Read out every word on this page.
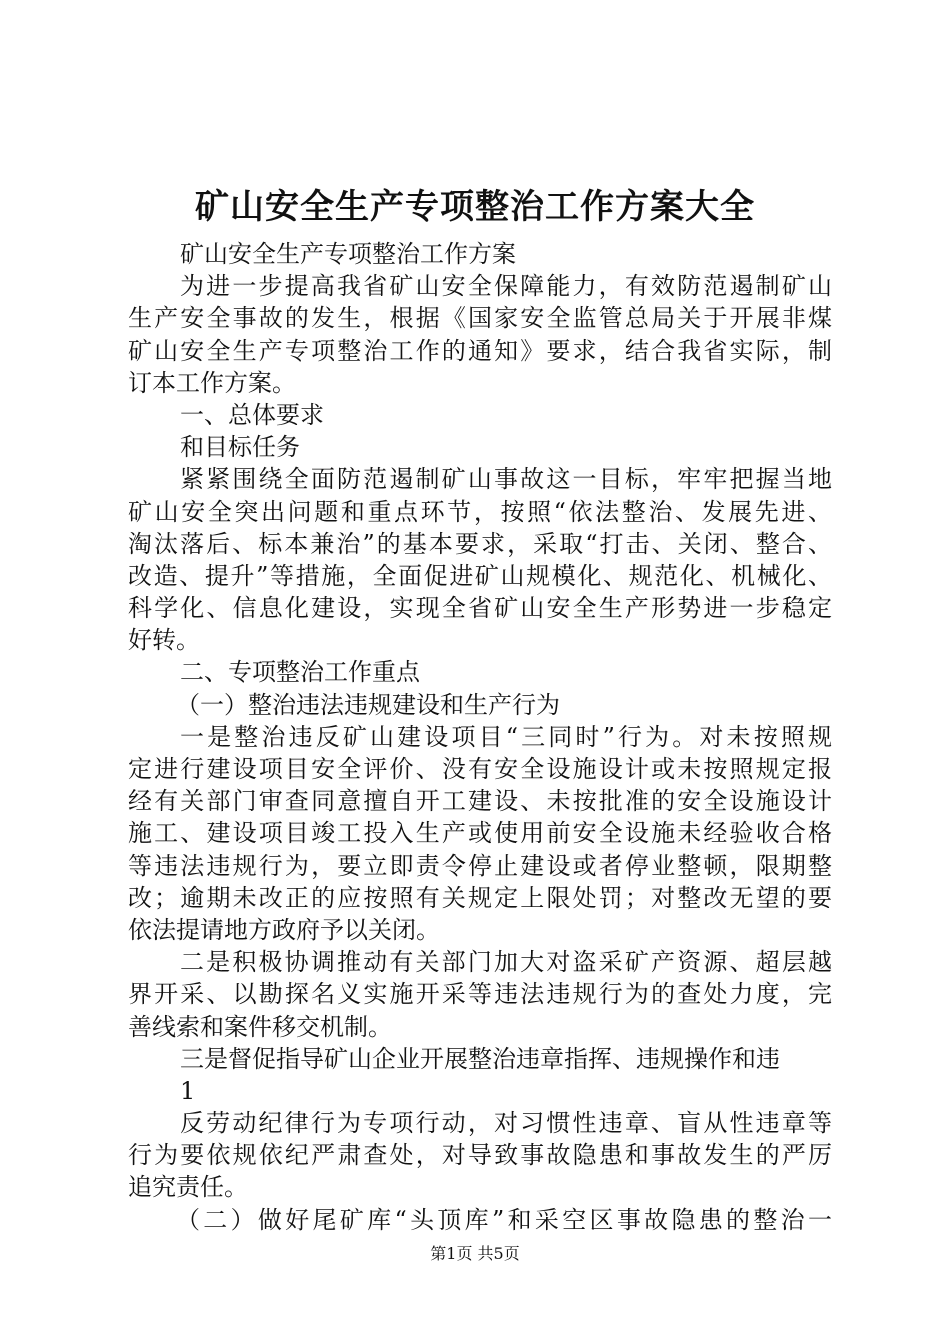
矿山安全生产专项整治工作方案大全
矿山安全生产专项整治工作方案
为进一步提高我省矿山安全保障能力，有效防范遏制矿山
生产安全事故的发生，根据《国家安全监管总局关于开展非煤
矿山安全生产专项整治工作的通知》要求，结合我省实际，制
订本工作方案。
一、总体要求
和目标任务
紧紧围绕全面防范遏制矿山事故这一目标，牢牢把握当地
矿山安全突出问题和重点环节，按照“依法整治、发展先进、
淘汰落后、标本兼治”的基本要求，采取“打击、关闭、整合、
改造、提升”等措施，全面促进矿山规模化、规范化、机械化、
科学化、信息化建设，实现全省矿山安全生产形势进一步稳定
好转。
二、专项整治工作重点
（一）整治违法违规建设和生产行为
一是整治违反矿山建设项目“三同时”行为。对未按照规
定进行建设项目安全评价、没有安全设施设计或未按照规定报
经有关部门审查同意擅自开工建设、未按批准的安全设施设计
施工、建设项目竣工投入生产或使用前安全设施未经验收合格
等违法违规行为，要立即责令停止建设或者停业整顿，限期整
改；逾期未改正的应按照有关规定上限处罚；对整改无望的要
依法提请地方政府予以关闭。
二是积极协调推动有关部门加大对盗采矿产资源、超层越
界开采、以勘探名义实施开采等违法违规行为的查处力度，完
善线索和案件移交机制。
三是督促指导矿山企业开展整治违章指挥、违规操作和违
1
反劳动纪律行为专项行动，对习惯性违章、盲从性违章等
行为要依规依纪严肃查处，对导致事故隐患和事故发生的严厉
追究责任。
（二）做好尾矿库“头顶库”和采空区事故隐患的整治一
第1页 共5页
